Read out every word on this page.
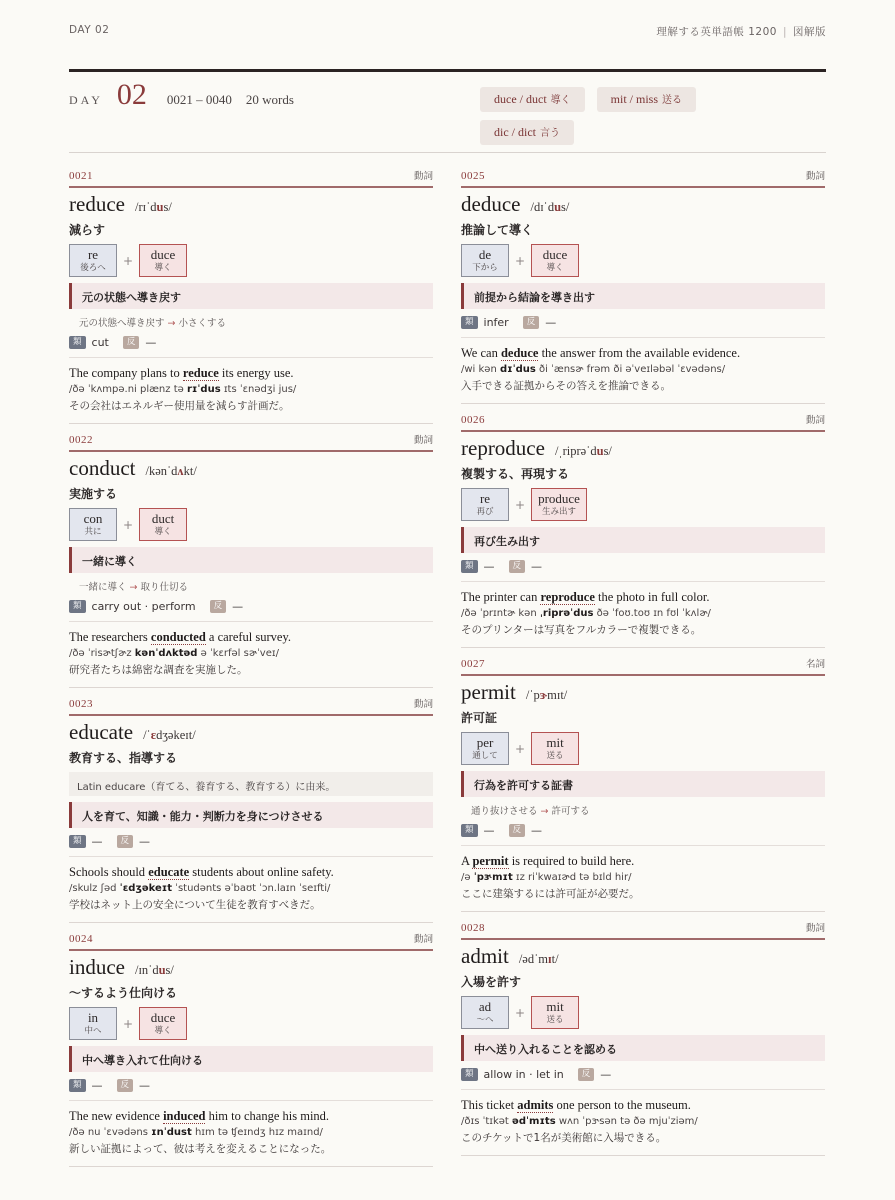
DAY 02	理解する英単語帳 1200 | 図解版
DAY 02 0021 – 0040 20 words	duce / duct 導く	mit / miss 送る
dic / dict 言う
0021	動詞
reduce /rɪˈdus/
減らす
re
後ろへ
+	duce
導く
元の状態へ導き戻す
元の状態へ導き戻す → 小さくする
類 cut	反 —
The company plans to reduce its energy use.
/ðə ˈkʌmpə.ni plænz tə rɪˈdus ɪts ˈɛnədʒi jus/
その会社はエネルギー使用量を減らす計画だ。
0022	動詞
conduct /kənˈdʌkt/
実施する
con
共に
+	duct
導く
一緒に導く
一緒に導く → 取り仕切る
類 carry out · perform	反 —
The researchers conducted a careful survey.
/ðə ˈrisɚtʃɚz kənˈdʌktəd ə ˈkɛrfəl sɚˈveɪ/
研究者たちは綿密な調査を実施した。
0023	動詞
educate /ˈɛdʒəkeɪt/
教育する、指導する
Latin educare（育てる、養育する、教育する）に由来。
人を育て、知識・能力・判断力を身につけさせる
類 —	反 —
Schools should educate students about online safety.
/skulz ʃəd ˈɛdʒəkeɪt ˈstudənts əˈbaʊt ˈɔn.laɪn ˈseɪfti/
学校はネット上の安全について生徒を教育すべきだ。
0024	動詞
induce /ɪnˈdus/
〜するよう仕向ける
in
中へ
+	duce
導く
中へ導き入れて仕向ける
類 —	反 —
The new evidence induced him to change his mind.
/ðə nu ˈɛvədəns ɪnˈdust hɪm tə ʧeɪndʒ hɪz maɪnd/
新しい証拠によって、彼は考えを変えることになった。
0025	動詞
deduce /dɪˈdus/
推論して導く
de
下から
+	duce
導く
前提から結論を導き出す
類 infer	反 —
We can deduce the answer from the available evidence.
/wi kən dɪˈdus ði ˈænsɚ frəm ði əˈveɪləbəl ˈɛvədəns/
入手できる証拠からその答えを推論できる。
0026	動詞
reproduce /ˌriprəˈdus/
複製する、再現する
re
再び
+ produce
生み出す
再び生み出す
類 —	反 —
The printer can reproduce the photo in full color.
/ðə ˈprɪntɚ kən ˌriprəˈdus ðə ˈfoʊ.toʊ ɪn fʊl ˈkʌlɚ/
そのプリンターは写真をフルカラーで複製できる。
0027	名詞
permit /ˈpɝmɪt/
許可証
per
通して
+	mit
送る
行為を許可する証書
通り抜けさせる → 許可する
類 —	反 —
A permit is required to build here.
/ə ˈpɝmɪt ɪz riˈkwaɪɚd tə bɪld hir/
ここに建築するには許可証が必要だ。
0028	動詞
admit /ədˈmɪt/
入場を許す
ad
〜へ
+	mit
送る
中へ送り入れることを認める
類 allow in · let in	反 —
This ticket admits one person to the museum.
/ðɪs ˈtɪkət ədˈmɪts wʌn ˈpɝsən tə ðə mjuˈziəm/
このチケットで1名が美術館に入場できる。
